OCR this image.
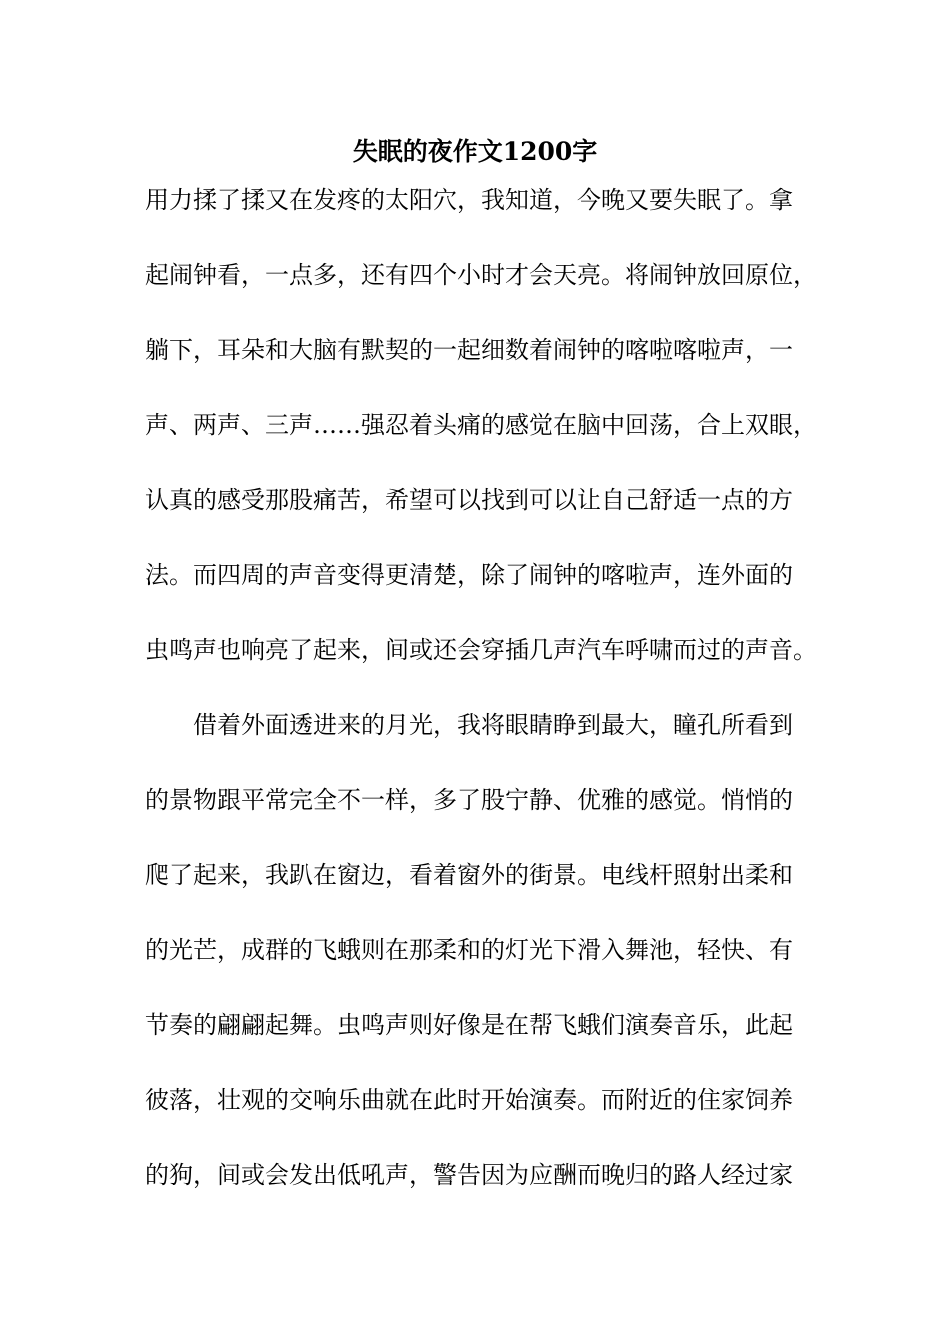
失眠的夜作文1200字
用力揉了揉又在发疼的太阳穴，我知道，今晚又要失眠了。拿
起闹钟看，一点多，还有四个小时才会天亮。将闹钟放回原位，
躺下，耳朵和大脑有默契的一起细数着闹钟的喀啦喀啦声，一
声、两声、三声……强忍着头痛的感觉在脑中回荡，合上双眼，
认真的感受那股痛苦，希望可以找到可以让自己舒适一点的方
法。而四周的声音变得更清楚，除了闹钟的喀啦声，连外面的
虫鸣声也响亮了起来，间或还会穿插几声汽车呼啸而过的声音。
　　借着外面透进来的月光，我将眼睛睁到最大，瞳孔所看到
的景物跟平常完全不一样，多了股宁静、优雅的感觉。悄悄的
爬了起来，我趴在窗边，看着窗外的街景。电线杆照射出柔和
的光芒，成群的飞蛾则在那柔和的灯光下滑入舞池，轻快、有
节奏的翩翩起舞。虫鸣声则好像是在帮飞蛾们演奏音乐，此起
彼落，壮观的交响乐曲就在此时开始演奏。而附近的住家饲养
的狗，间或会发出低吼声，警告因为应酬而晚归的路人经过家
